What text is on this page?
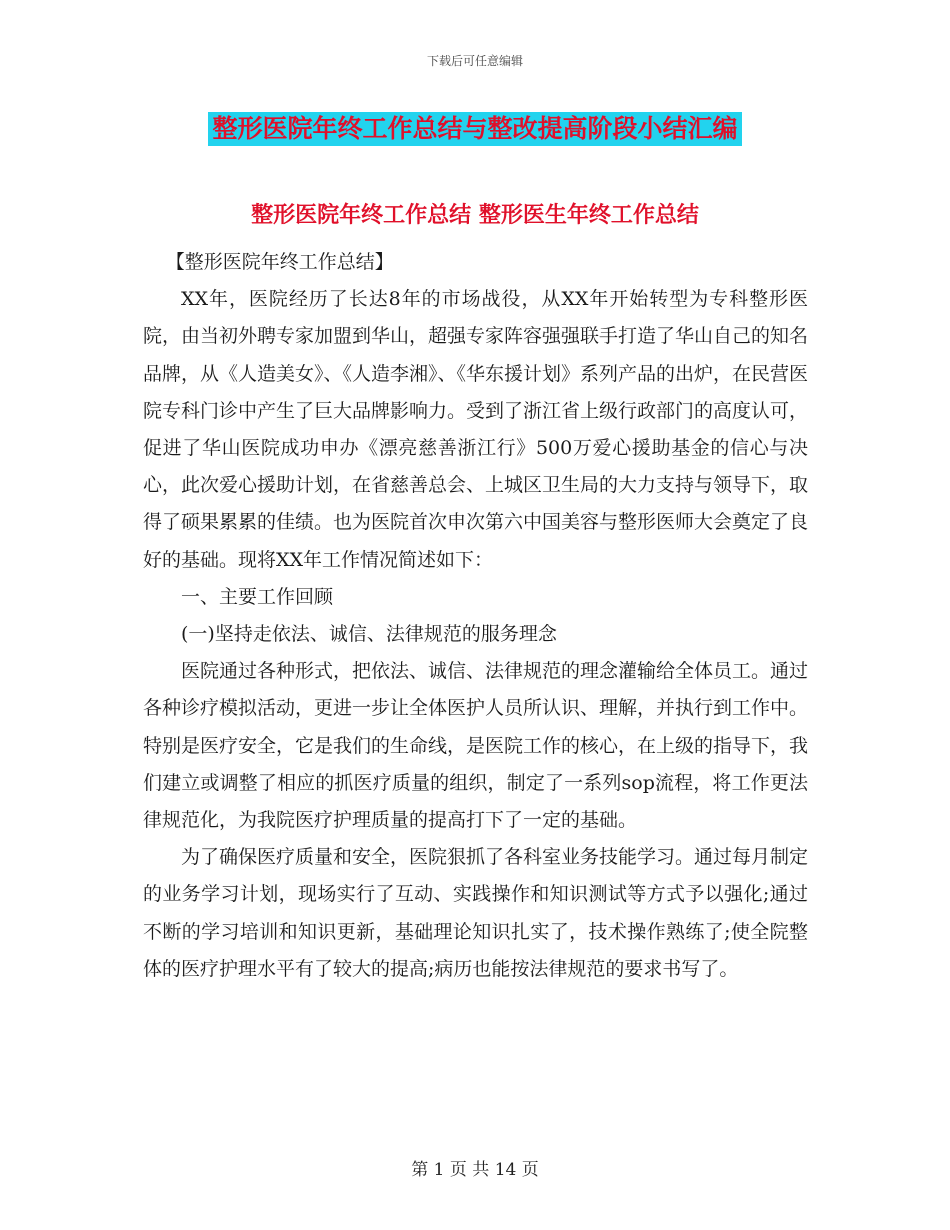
下载后可任意编辑
整形医院年终工作总结与整改提高阶段小结汇编
整形医院年终工作总结 整形医生年终工作总结

【整形医院年终工作总结】

XX年，医院经历了长达8年的市场战役，从XX年开始转型为专科整形医院，由当初外聘专家加盟到华山，超强专家阵容强强联手打造了华山自己的知名品牌，从《人造美女》、《人造李湘》、《华东援计划》系列产品的出炉，在民营医院专科门诊中产生了巨大品牌影响力。受到了浙江省上级行政部门的高度认可，促进了华山医院成功申办《漂亮慈善浙江行》500万爱心援助基金的信心与决心，此次爱心援助计划，在省慈善总会、上城区卫生局的大力支持与领导下，取得了硕果累累的佳绩。也为医院首次申次第六中国美容与整形医师大会奠定了良好的基础。现将XX年工作情况简述如下：

一、主要工作回顾

(一)坚持走依法、诚信、法律规范的服务理念

医院通过各种形式，把依法、诚信、法律规范的理念灌输给全体员工。通过各种诊疗模拟活动，更进一步让全体医护人员所认识、理解，并执行到工作中。特别是医疗安全，它是我们的生命线，是医院工作的核心，在上级的指导下，我们建立或调整了相应的抓医疗质量的组织，制定了一系列sop流程，将工作更法律规范化，为我院医疗护理质量的提高打下了一定的基础。

为了确保医疗质量和安全，医院狠抓了各科室业务技能学习。通过每月制定的业务学习计划，现场实行了互动、实践操作和知识测试等方式予以强化;通过不断的学习培训和知识更新，基础理论知识扎实了，技术操作熟练了;使全院整体的医疗护理水平有了较大的提高;病历也能按法律规范的要求书写了。

第 1 页 共 14 页
